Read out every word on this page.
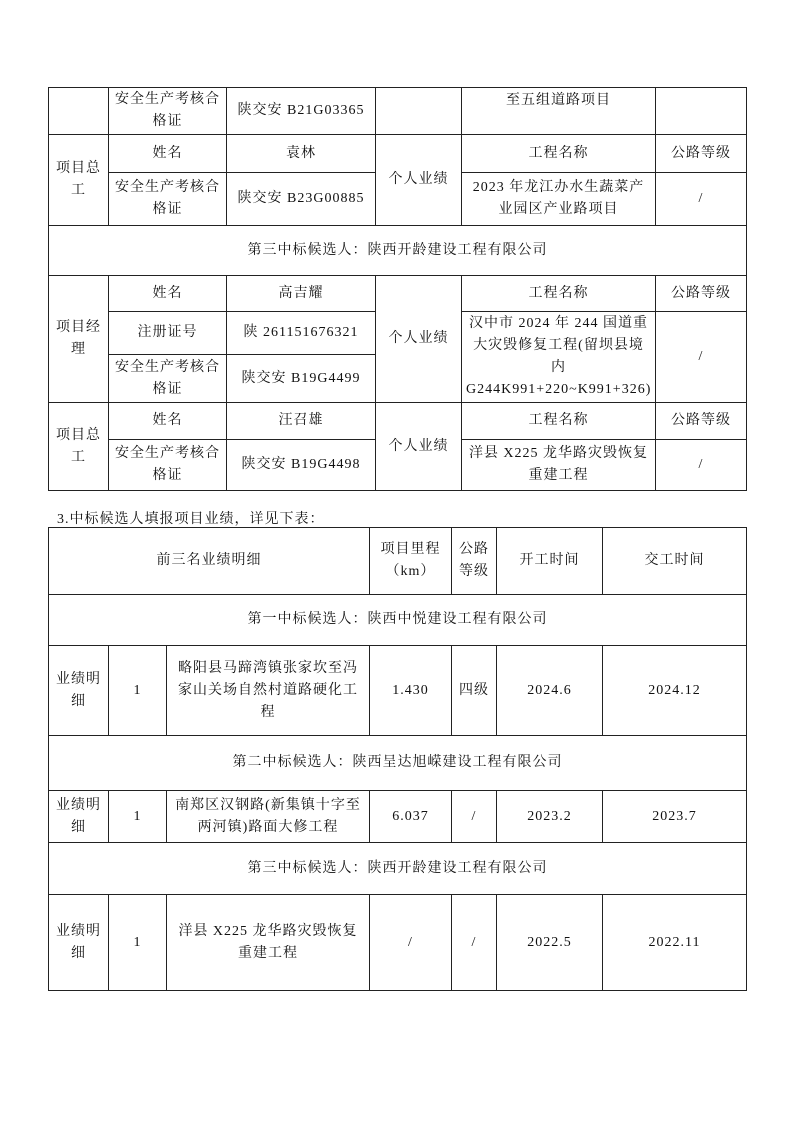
	安全生产考核合格证	陕交安 B21G03365		至五组道路项目	
项目总工	姓名	袁林	个人业绩	工程名称	公路等级
	安全生产考核合格证	陕交安 B23G00885		2023 年龙江办水生蔬菜产业园区产业路项目	/
第三中标候选人：陕西开龄建设工程有限公司					
项目经理	姓名	高吉耀	个人业绩	工程名称	公路等级
	注册证号	陕 261151676321		汉中市 2024 年 244 国道重大灾毁修复工程(留坝县境内 G244K991+220~K991+326)	/
	安全生产考核合格证	陕交安 B19G4499			
项目总工	姓名	汪召雄	个人业绩	工程名称	公路等级
	安全生产考核合格证	陕交安 B19G4498		洋县 X225 龙华路灾毁恢复重建工程	/
3.中标候选人填报项目业绩，详见下表：
前三名业绩明细			项目里程（km）	公路等级	开工时间	交工时间
第一中标候选人：陕西中悦建设工程有限公司						
业绩明细	1	略阳县马蹄湾镇张家坎至冯家山关场自然村道路硬化工程	1.430	四级	2024.6	2024.12
第二中标候选人：陕西呈达旭嵘建设工程有限公司						
业绩明细	1	南郑区汉钢路(新集镇十字至两河镇)路面大修工程	6.037	/	2023.2	2023.7
第三中标候选人：陕西开龄建设工程有限公司						
业绩明细	1	洋县 X225 龙华路灾毁恢复重建工程	/	/	2022.5	2022.11
